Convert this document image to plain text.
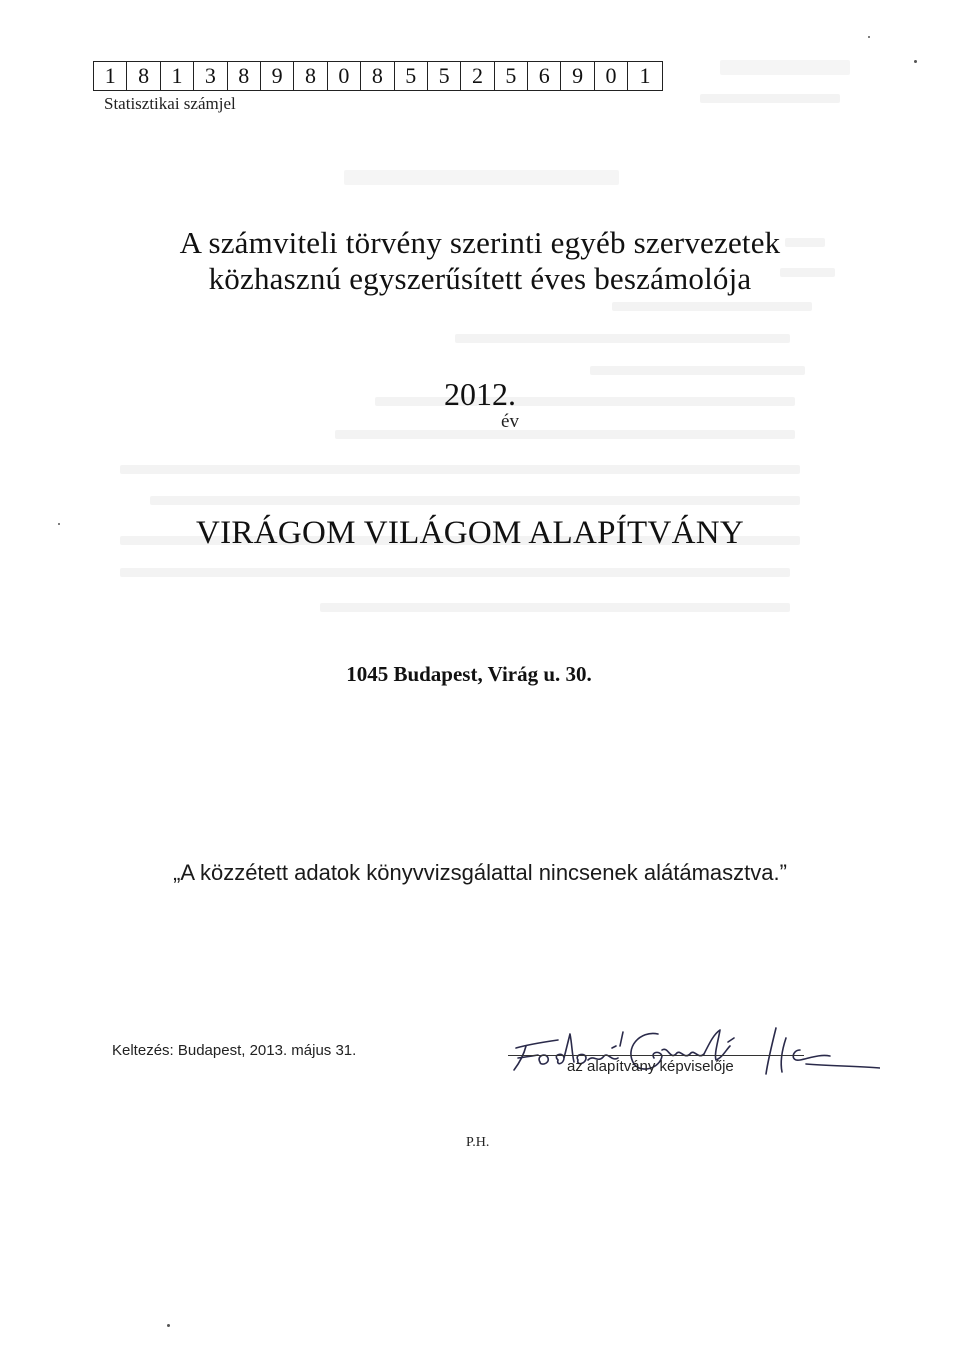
1	8	1	3	8	9	8	0	8	5	5	2	5	6	9	0	1
Statisztikai számjel
A számviteli törvény szerinti egyéb szervezetek
közhasznú egyszerűsített éves beszámolója
2012.
év
VIRÁGOM VILÁGOM ALAPÍTVÁNY
1045 Budapest, Virág u. 30.
„A közzétett adatok könyvvizsgálattal nincsenek alátámasztva.”
Keltezés: Budapest, 2013. május 31.
az alapítvány képviselője
P.H.
